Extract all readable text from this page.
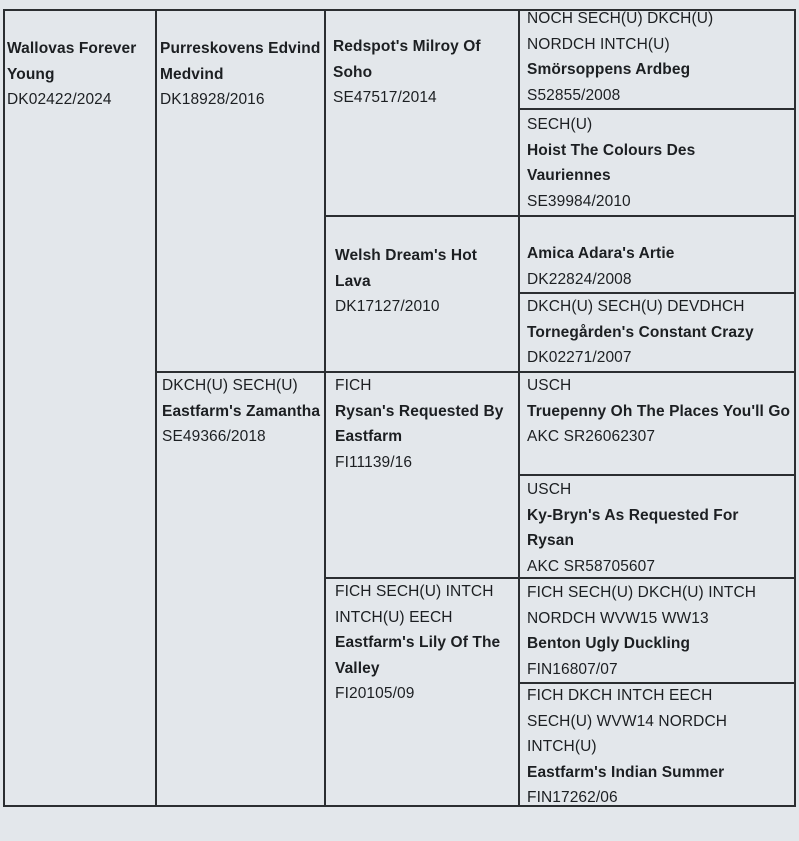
Wallovas Forever Young
DK02422/2024
Purreskovens Edvind Medvind
DK18928/2016
DKCH(U) SECH(U)
Eastfarm's Zamantha
SE49366/2018
Redspot's Milroy Of Soho
SE47517/2014
Welsh Dream's Hot Lava
DK17127/2010
FICH
Rysan's Requested By Eastfarm
FI11139/16
FICH SECH(U) INTCH INTCH(U) EECH
Eastfarm's Lily Of The Valley
FI20105/09
NOCH SECH(U) DKCH(U) NORDCH INTCH(U)
Smörsoppens Ardbeg
S52855/2008
SECH(U)
Hoist The Colours Des Vauriennes
SE39984/2010
Amica Adara's Artie
DK22824/2008
DKCH(U) SECH(U) DEVDHCH
Tornegården's Constant Crazy
DK02271/2007
USCH
Truepenny Oh The Places You'll Go
AKC SR26062307
USCH
Ky-Bryn's As Requested For Rysan
AKC SR58705607
FICH SECH(U) DKCH(U) INTCH NORDCH WVW15 WW13
Benton Ugly Duckling
FIN16807/07
FICH DKCH INTCH EECH SECH(U) WVW14 NORDCH INTCH(U)
Eastfarm's Indian Summer
FIN17262/06
